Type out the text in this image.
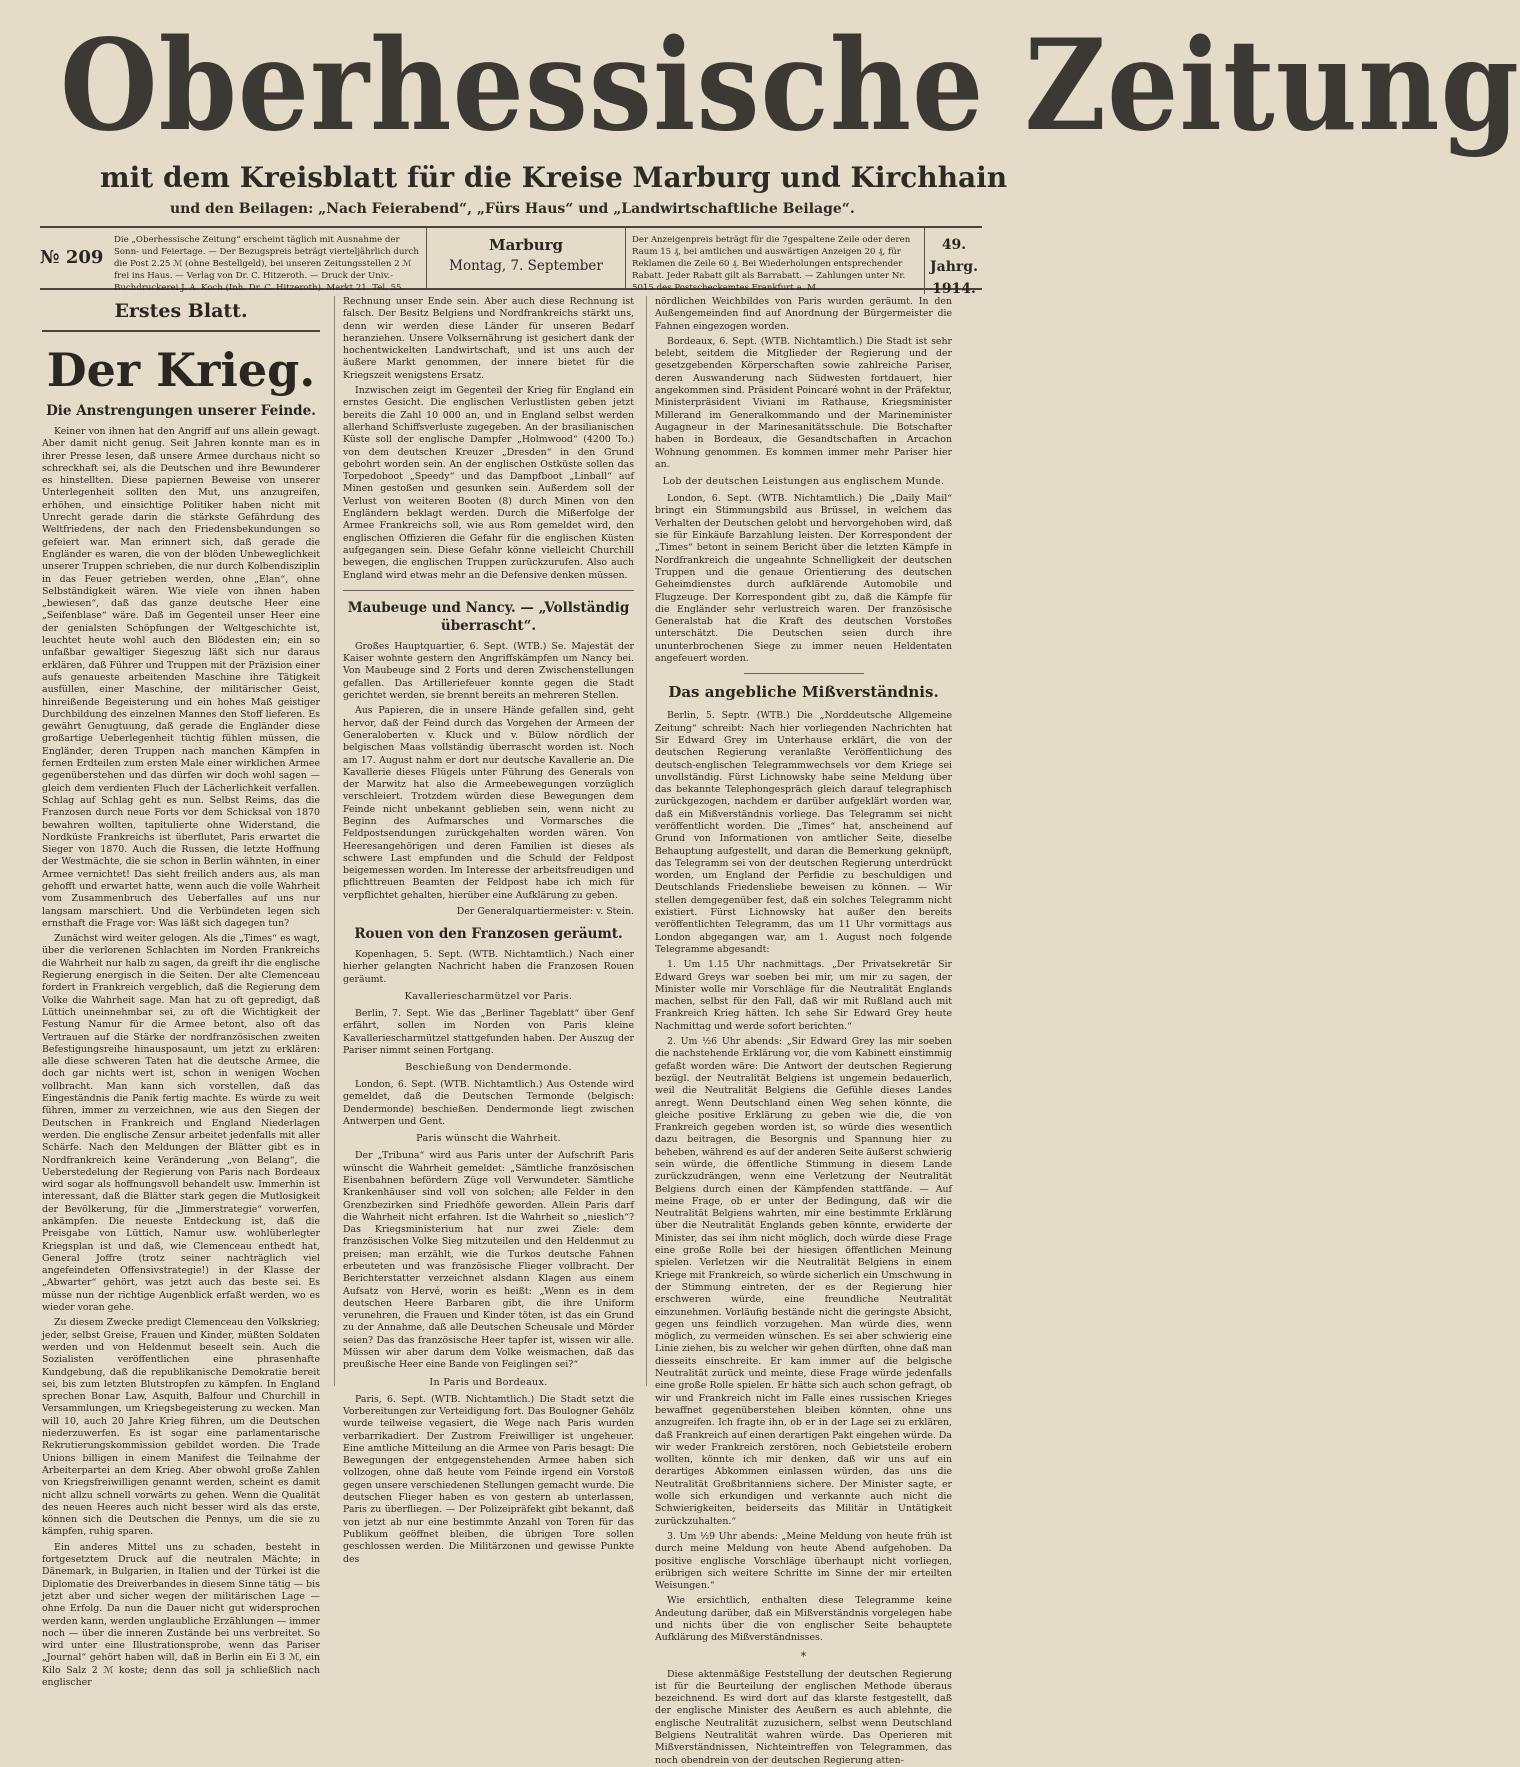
Oberhessische Zeitung
mit dem Kreisblatt für die Kreise Marburg und Kirchhain
und den Beilagen: „Nach Feierabend“, „Fürs Haus“ und „Landwirtschaftliche Beilage“.
№ 209
Die „Oberhessische Zeitung“ erscheint täglich mit Ausnahme der Sonn- und Feiertage. — Der Bezugspreis beträgt vierteljährlich durch die Post 2.25 ℳ (ohne Bestellgeld), bei unseren Zeitungsstellen 2 ℳ frei ins Haus. — Verlag von Dr. C. Hitzeroth. — Druck der Univ.-Buchdruckerei J. A. Koch (Inh. Dr. C. Hitzeroth). Markt 21. Tel. 55.
Marburg
Montag, 7. September
Der Anzeigenpreis beträgt für die 7gespaltene Zeile oder deren Raum 15 ₰, bei amtlichen und auswärtigen Anzeigen 20 ₰, für Reklamen die Zeile 60 ₰. Bei Wiederholungen entsprechender Rabatt. Jeder Rabatt gilt als Barrabatt. — Zahlungen unter Nr. 5015 des Postscheckamtes Frankfurt a. M.
49. Jahrg.
1914.
Erstes Blatt.
Der Krieg.
Die Anstrengungen unserer Feinde.

Keiner von ihnen hat den Angriff auf uns allein gewagt. Aber damit nicht genug. Seit Jahren konnte man es in ihrer Presse lesen, daß unsere Armee durchaus nicht so schreckhaft sei, als die Deutschen und ihre Bewunderer es hinstellten. Diese papiernen Beweise von unserer Unterlegenheit sollten den Mut, uns anzugreifen, erhöhen, und einsichtige Politiker haben nicht mit Unrecht gerade darin die stärkste Gefährdung des Weltfriedens, der nach den Friedensbekundungen so gefeiert war. Man erinnert sich, daß gerade die Engländer es waren, die von der blöden Unbeweglichkeit unserer Truppen schrieben, die nur durch Kolbendisziplin in das Feuer getrieben werden, ohne „Elan“, ohne Selbständigkeit wären. Wie viele von ihnen haben „bewiesen“, daß das ganze deutsche Heer eine „Seifenblase“ wäre. Daß im Gegenteil unser Heer eine der genialsten Schöpfungen der Weltgeschichte ist, leuchtet heute wohl auch den Blödesten ein; ein so unfaßbar gewaltiger Siegeszug läßt sich nur daraus erklären, daß Führer und Truppen mit der Präzision einer aufs genaueste arbeitenden Maschine ihre Tätigkeit ausfüllen, einer Maschine, der militärischer Geist, hinreißende Begeisterung und ein hohes Maß geistiger Durchbildung des einzelnen Mannes den Stoff lieferen. Es gewährt Genugtuung, daß gerade die Engländer diese großartige Ueberlegenheit tüchtig fühlen müssen, die Engländer, deren Truppen nach manchen Kämpfen in fernen Erdteilen zum ersten Male einer wirklichen Armee gegenüberstehen und das dürfen wir doch wohl sagen — gleich dem verdienten Fluch der Lächerlichkeit verfallen. Schlag auf Schlag geht es nun. Selbst Reims, das die Franzosen durch neue Forts vor dem Schicksal von 1870 bewahren wollten, tapitulierte ohne Widerstand, die Nordküste Frankreichs ist überflutet, Paris erwartet die Sieger von 1870. Auch die Russen, die letzte Hoffnung der Westmächte, die sie schon in Berlin wähnten, in einer Armee vernichtet! Das sieht freilich anders aus, als man gehofft und erwartet hatte, wenn auch die volle Wahrheit vom Zusammenbruch des Ueberfalles auf uns nur langsam marschiert. Und die Verbündeten legen sich ernsthaft die Frage vor: Was läßt sich dagegen tun?

Zunächst wird weiter gelogen. Als die „Times“ es wagt, über die verlorenen Schlachten im Norden Frankreichs die Wahrheit nur halb zu sagen, da greift ihr die englische Regierung energisch in die Seiten. Der alte Clemenceau fordert in Frankreich vergeblich, daß die Regierung dem Volke die Wahrheit sage. Man hat zu oft gepredigt, daß Lüttich uneinnehmbar sei, zu oft die Wichtigkeit der Festung Namur für die Armee betont, also oft das Vertrauen auf die Stärke der nordfranzösischen zweiten Befestigungsreihe hinausposaunt, um jetzt zu erklären: alle diese schweren Taten hat die deutsche Armee, die doch gar nichts wert ist, schon in wenigen Wochen vollbracht. Man kann sich vorstellen, daß das Eingeständnis die Panik fertig machte. Es würde zu weit führen, immer zu verzeichnen, wie aus den Siegen der Deutschen in Frankreich und England Niederlagen werden. Die englische Zensur arbeitet jedenfalls mit aller Schärfe. Nach den Meldungen der Blätter gibt es in Nordfrankreich keine Veränderung „von Belang“, die Ueberstedelung der Regierung von Paris nach Bordeaux wird sogar als hoffnungsvoll behandelt usw. Immerhin ist interessant, daß die Blätter stark gegen die Mutlosigkeit der Bevölkerung, für die „Jimmerstrategie“ vorwerfen, ankämpfen. Die neueste Entdeckung ist, daß die Preisgabe von Lüttich, Namur usw. wohlüberlegter Kriegsplan ist und daß, wie Clemenceau enthedt hat, General Joffre (trotz seiner nachträglich viel angefeindeten Offensivstrategie!) in der Klasse der „Abwarter“ gehört, was jetzt auch das beste sei. Es müsse nun der richtige Augenblick erfaßt werden, wo es wieder voran gehe.

Zu diesem Zwecke predigt Clemenceau den Volkskrieg; jeder, selbst Greise, Frauen und Kinder, müßten Soldaten werden und von Heldenmut beseelt sein. Auch die Sozialisten veröffentlichen eine phrasenhafte Kundgebung, daß die republikanische Demokratie bereit sei, bis zum letzten Blutstropfen zu kämpfen. In England sprechen Bonar Law, Asquith, Balfour und Churchill in Versammlungen, um Kriegsbegeisterung zu wecken. Man will 10, auch 20 Jahre Krieg führen, um die Deutschen niederzuwerfen. Es ist sogar eine parlamentarische Rekrutierungskommission gebildet worden. Die Trade Unions billigen in einem Manifest die Teilnahme der Arbeiterpartei an dem Krieg. Aber obwohl große Zahlen von Kriegsfreiwilligen genannt werden, scheint es damit nicht allzu schnell vorwärts zu gehen. Wenn die Qualität des neuen Heeres auch nicht besser wird als das erste, können sich die Deutschen die Pennys, um die sie zu kämpfen, ruhig sparen.

Ein anderes Mittel uns zu schaden, besteht in fortgesetztem Druck auf die neutralen Mächte; in Dänemark, in Bulgarien, in Italien und der Türkei ist die Diplomatie des Dreiverbandes in diesem Sinne tätig — bis jetzt aber und sicher wegen der militärischen Lage — ohne Erfolg. Da nun die Dauer nicht gut widersprochen werden kann, werden unglaubliche Erzählungen — immer noch — über die inneren Zustände bei uns verbreitet. So wird unter eine Illustrationsprobe, wenn das Pariser „Journal“ gehört haben will, daß in Berlin ein Ei 3 ℳ, ein Kilo Salz 2 ℳ koste; denn das soll ja schließlich nach englischer

Rechnung unser Ende sein. Aber auch diese Rechnung ist falsch. Der Besitz Belgiens und Nordfrankreichs stärkt uns, denn wir werden diese Länder für unseren Bedarf heranziehen. Unsere Volksernährung ist gesichert dank der hochentwickelten Landwirtschaft, und ist uns auch der äußere Markt genommen, der innere bietet für die Kriegszeit wenigstens Ersatz.

Inzwischen zeigt im Gegenteil der Krieg für England ein ernstes Gesicht. Die englischen Verlustlisten geben jetzt bereits die Zahl 10 000 an, und in England selbst werden allerhand Schiffsverluste zugegeben. An der brasilianischen Küste soll der englische Dampfer „Holmwood“ (4200 To.) von dem deutschen Kreuzer „Dresden“ in den Grund gebohrt worden sein. An der englischen Ostküste sollen das Torpedoboot „Speedy“ und das Dampfboot „Linball“ auf Minen gestoßen und gesunken sein. Außerdem soll der Verlust von weiteren Booten (8) durch Minen von den Engländern beklagt werden. Durch die Mißerfolge der Armee Frankreichs soll, wie aus Rom gemeldet wird, den englischen Offizieren die Gefahr für die englischen Küsten aufgegangen sein. Diese Gefahr könne vielleicht Churchill bewegen, die englischen Truppen zurückzurufen. Also auch England wird etwas mehr an die Defensive denken müssen.

Maubeuge und Nancy. — „Vollständig überrascht“.

Großes Hauptquartier, 6. Sept. (WTB.) Se. Majestät der Kaiser wohnte gestern den Angriffskämpfen um Nancy bei. Von Maubeuge sind 2 Forts und deren Zwischenstellungen gefallen. Das Artilleriefeuer konnte gegen die Stadt gerichtet werden, sie brennt bereits an mehreren Stellen.

Aus Papieren, die in unsere Hände gefallen sind, geht hervor, daß der Feind durch das Vorgehen der Armeen der Generaloberten v. Kluck und v. Bülow nördlich der belgischen Maas vollständig überrascht worden ist. Noch am 17. August nahm er dort nur deutsche Kavallerie an. Die Kavallerie dieses Flügels unter Führung des Generals von der Marwitz hat also die Armeebewegungen vorzüglich verschleiert. Trotzdem würden diese Bewegungen dem Feinde nicht unbekannt geblieben sein, wenn nicht zu Beginn des Aufmarsches und Vormarsches die Feldpostsendungen zurückgehalten worden wären. Von Heeresangehörigen und deren Familien ist dieses als schwere Last empfunden und die Schuld der Feldpost beigemessen worden. Im Interesse der arbeitsfreudigen und pflichttreuen Beamten der Feldpost habe ich mich für verpflichtet gehalten, hierüber eine Aufklärung zu geben.

Der Generalquartiermeister: v. Stein.
Rouen von den Franzosen geräumt.

Kopenhagen, 5. Sept. (WTB. Nichtamtlich.) Nach einer hierher gelangten Nachricht haben die Franzosen Rouen geräumt.

Kavalleriescharmützel vor Paris.

Berlin, 7. Sept. Wie das „Berliner Tageblatt“ über Genf erfährt, sollen im Norden von Paris kleine Kavalleriescharmützel stattgefunden haben. Der Auszug der Pariser nimmt seinen Fortgang.

Beschießung von Dendermonde.

London, 6. Sept. (WTB. Nichtamtlich.) Aus Ostende wird gemeldet, daß die Deutschen Termonde (belgisch: Dendermonde) beschießen. Dendermonde liegt zwischen Antwerpen und Gent.

Paris wünscht die Wahrheit.

Der „Tribuna“ wird aus Paris unter der Aufschrift Paris wünscht die Wahrheit gemeldet: „Sämtliche französischen Eisenbahnen befördern Züge voll Verwundeter. Sämtliche Krankenhäuser sind voll von solchen; alle Felder in den Grenzbezirken sind Friedhöfe geworden. Allein Paris darf die Wahrheit nicht erfahren. Ist die Wahrheit so „nieslich“? Das Kriegsministerium hat nur zwei Ziele: dem französischen Volke Sieg mitzuteilen und den Heldenmut zu preisen; man erzählt, wie die Turkos deutsche Fahnen erbeuteten und was französische Flieger vollbracht. Der Berichterstatter verzeichnet alsdann Klagen aus einem Aufsatz von Hervé, worin es heißt: „Wenn es in dem deutschen Heere Barbaren gibt, die ihre Uniform verunehren, die Frauen und Kinder töten, ist das ein Grund zu der Annahme, daß alle Deutschen Scheusale und Mörder seien? Das das französische Heer tapfer ist, wissen wir alle. Müssen wir aber darum dem Volke weismachen, daß das preußische Heer eine Bande von Feiglingen sei?“

In Paris und Bordeaux.

Paris, 6. Sept. (WTB. Nichtamtlich.) Die Stadt setzt die Vorbereitungen zur Verteidigung fort. Das Boulogner Gehölz wurde teilweise vegasiert, die Wege nach Paris wurden verbarrikadiert. Der Zustrom Freiwilliger ist ungeheuer. Eine amtliche Mitteilung an die Armee von Paris besagt: Die Bewegungen der entgegenstehenden Armee haben sich vollzogen, ohne daß heute vom Feinde irgend ein Vorstoß gegen unsere verschiedenen Stellungen gemacht wurde. Die deutschen Flieger haben es von gestern ab unterlassen, Paris zu überfliegen. — Der Polizeipräfekt gibt bekannt, daß von jetzt ab nur eine bestimmte Anzahl von Toren für das Publikum geöffnet bleiben, die übrigen Tore sollen geschlossen werden. Die Militärzonen und gewisse Punkte des

nördlichen Weichbildes von Paris wurden geräumt. In den Außengemeinden find auf Anordnung der Bürgermeister die Fahnen eingezogen worden.

Bordeaux, 6. Sept. (WTB. Nichtamtlich.) Die Stadt ist sehr belebt, seitdem die Mitglieder der Regierung und der gesetzgebenden Körperschaften sowie zahlreiche Pariser, deren Auswanderung nach Südwesten fortdauert, hier angekommen sind. Präsident Poincaré wohnt in der Präfektur, Ministerpräsident Viviani im Rathause, Kriegsminister Millerand im Generalkommando und der Marineminister Augagneur in der Marinesanitätsschule. Die Botschafter haben in Bordeaux, die Gesandtschaften in Arcachon Wohnung genommen. Es kommen immer mehr Pariser hier an.

Lob der deutschen Leistungen aus englischem Munde.

London, 6. Sept. (WTB. Nichtamtlich.) Die „Daily Mail“ bringt ein Stimmungsbild aus Brüssel, in welchem das Verhalten der Deutschen gelobt und hervorgehoben wird, daß sie für Einkäufe Barzahlung leisten. Der Korrespondent der „Times“ betont in seinem Bericht über die letzten Kämpfe in Nordfrankreich die ungeahnte Schnelligkeit der deutschen Truppen und die genaue Orientierung des deutschen Geheimdienstes durch aufklärende Automobile und Flugzeuge. Der Korrespondent gibt zu, daß die Kämpfe für die Engländer sehr verlustreich waren. Der französische Generalstab hat die Kraft des deutschen Vorstoßes unterschätzt. Die Deutschen seien durch ihre ununterbrochenen Siege zu immer neuen Heldentaten angefeuert worden.

Das angebliche Mißverständnis.

Berlin, 5. Septr. (WTB.) Die „Norddeutsche Allgemeine Zeitung“ schreibt: Nach hier vorliegenden Nachrichten hat Sir Edward Grey im Unterhause erklärt, die von der deutschen Regierung veranlaßte Veröffentlichung des deutsch-englischen Telegrammwechsels vor dem Kriege sei unvollständig. Fürst Lichnowsky habe seine Meldung über das bekannte Telephongespräch gleich darauf telegraphisch zurückgezogen, nachdem er darüber aufgeklärt worden war, daß ein Mißverständnis vorliege. Das Telegramm sei nicht veröffentlicht worden. Die „Times“ hat, anscheinend auf Grund von Informationen von amtlicher Seite, dieselbe Behauptung aufgestellt, und daran die Bemerkung geknüpft, das Telegramm sei von der deutschen Regierung unterdrückt worden, um England der Perfidie zu beschuldigen und Deutschlands Friedensliebe beweisen zu können. — Wir stellen demgegenüber fest, daß ein solches Telegramm nicht existiert. Fürst Lichnowsky hat außer den bereits veröffentlichten Telegramm, das um 11 Uhr vormittags aus London abgegangen war, am 1. August noch folgende Telegramme abgesandt:

1. Um 1.15 Uhr nachmittags. „Der Privatsekretär Sir Edward Greys war soeben bei mir, um mir zu sagen, der Minister wolle mir Vorschläge für die Neutralität Englands machen, selbst für den Fall, daß wir mit Rußland auch mit Frankreich Krieg hätten. Ich sehe Sir Edward Grey heute Nachmittag und werde sofort berichten.“

2. Um ½6 Uhr abends: „Sir Edward Grey las mir soeben die nachstehende Erklärung vor, die vom Kabinett einstimmig gefaßt worden wäre: Die Antwort der deutschen Regierung bezügl. der Neutralität Belgiens ist ungemein bedauerlich, weil die Neutralität Belgiens die Gefühle dieses Landes anregt. Wenn Deutschland einen Weg sehen könnte, die gleiche positive Erklärung zu geben wie die, die von Frankreich gegeben worden ist, so würde dies wesentlich dazu beitragen, die Besorgnis und Spannung hier zu beheben, während es auf der anderen Seite äußerst schwierig sein würde, die öffentliche Stimmung in diesem Lande zurückzudrängen, wenn eine Verletzung der Neutralität Belgiens durch einen der Kämpfenden stattfände. — Auf meine Frage, ob er unter der Bedingung, daß wir die Neutralität Belgiens wahrten, mir eine bestimmte Erklärung über die Neutralität Englands geben könnte, erwiderte der Minister, das sei ihm nicht möglich, doch würde diese Frage eine große Rolle bei der hiesigen öffentlichen Meinung spielen. Verletzen wir die Neutralität Belgiens in einem Kriege mit Frankreich, so würde sicherlich ein Umschwung in der Stimmung eintreten, der es der Regierung hier erschweren würde, eine freundliche Neutralität einzunehmen. Vorläufig bestände nicht die geringste Absicht, gegen uns feindlich vorzugehen. Man würde dies, wenn möglich, zu vermeiden wünschen. Es sei aber schwierig eine Linie ziehen, bis zu welcher wir gehen dürften, ohne daß man diesseits einschreite. Er kam immer auf die belgische Neutralität zurück und meinte, diese Frage würde jedenfalls eine große Rolle spielen. Er hätte sich auch schon gefragt, ob wir und Frankreich nicht im Falle eines russischen Krieges bewaffnet gegenüberstehen bleiben könnten, ohne uns anzugreifen. Ich fragte ihn, ob er in der Lage sei zu erklären, daß Frankreich auf einen derartigen Pakt eingehen würde. Da wir weder Frankreich zerstören, noch Gebietsteile erobern wollten, könnte ich mir denken, daß wir uns auf ein derartiges Abkommen einlassen würden, das uns die Neutralität Großbritanniens sichere. Der Minister sagte, er wolle sich erkundigen und verkannte auch nicht die Schwierigkeiten, beiderseits das Militär in Untätigkeit zurückzuhalten.“

3. Um ½9 Uhr abends: „Meine Meldung von heute früh ist durch meine Meldung von heute Abend aufgehoben. Da positive englische Vorschläge überhaupt nicht vorliegen, erübrigen sich weitere Schritte im Sinne der mir erteilten Weisungen.“

Wie ersichtlich, enthalten diese Telegramme keine Andeutung darüber, daß ein Mißverständnis vorgelegen habe und nichts über die von englischer Seite behauptete Aufklärung des Mißverständnisses.

*

Diese aktenmäßige Feststellung der deutschen Regierung ist für die Beurteilung der englischen Methode überaus bezeichnend. Es wird dort auf das klarste festgestellt, daß der englische Minister des Aeußern es auch ablehnte, die englische Neutralität zuzusichern, selbst wenn Deutschland Belgiens Neutralität wahren würde. Das Operieren mit Mißverständnissen, Nichteintreffen von Telegrammen, das noch obendrein von der deutschen Regierung atten-
